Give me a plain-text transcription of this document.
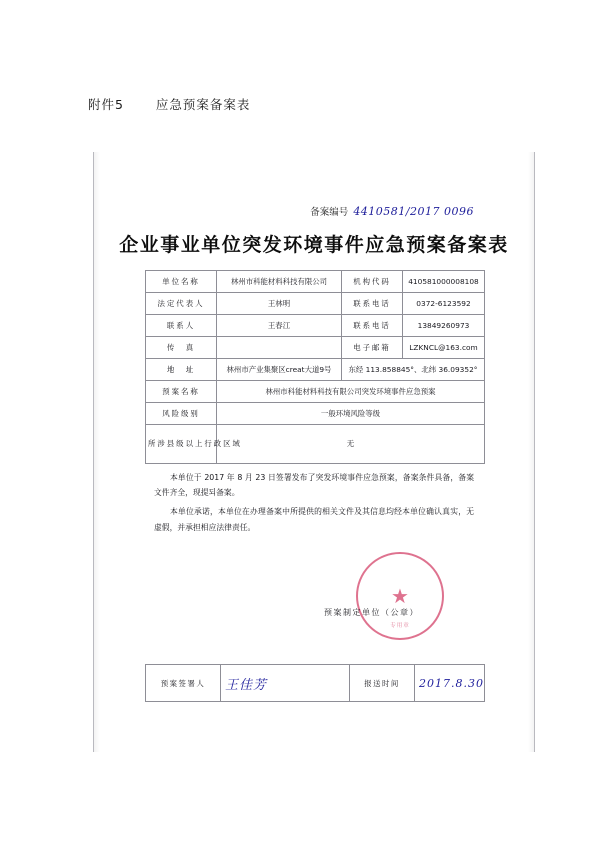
附件5	应急预案备案表
备案编号 4410581/2017 0096
企业事业单位突发环境事件应急预案备案表
单位名称	林州市科能材料科技有限公司	机构代码	410581000008108
法定代表人	王林明	联系电话	0372-6123592
联系人	王春江	联系电话	13849260973
传　真		电子邮箱	LZKNCL@163.com
地　址	林州市产业集聚区creat大道9号	东经 113.858845°、北纬 36.09352°	
预案名称	林州市科能材料科技有限公司突发环境事件应急预案		
风险级别	一般环境风险等级		
所涉县级以上行政区域	无		

本单位于 2017 年 8 月 23 日签署发布了突发环境事件应急预案，备案条件具备，备案文件齐全，现提되备案。

本单位承诺，本单位在办理备案中所提供的相关文件及其信息均经本单位确认真实，无虚假，并承担相应法律责任。

★
专用章
预案制定单位（公章）
预案签署人	王佳芳	报送时间	2017.8.30
